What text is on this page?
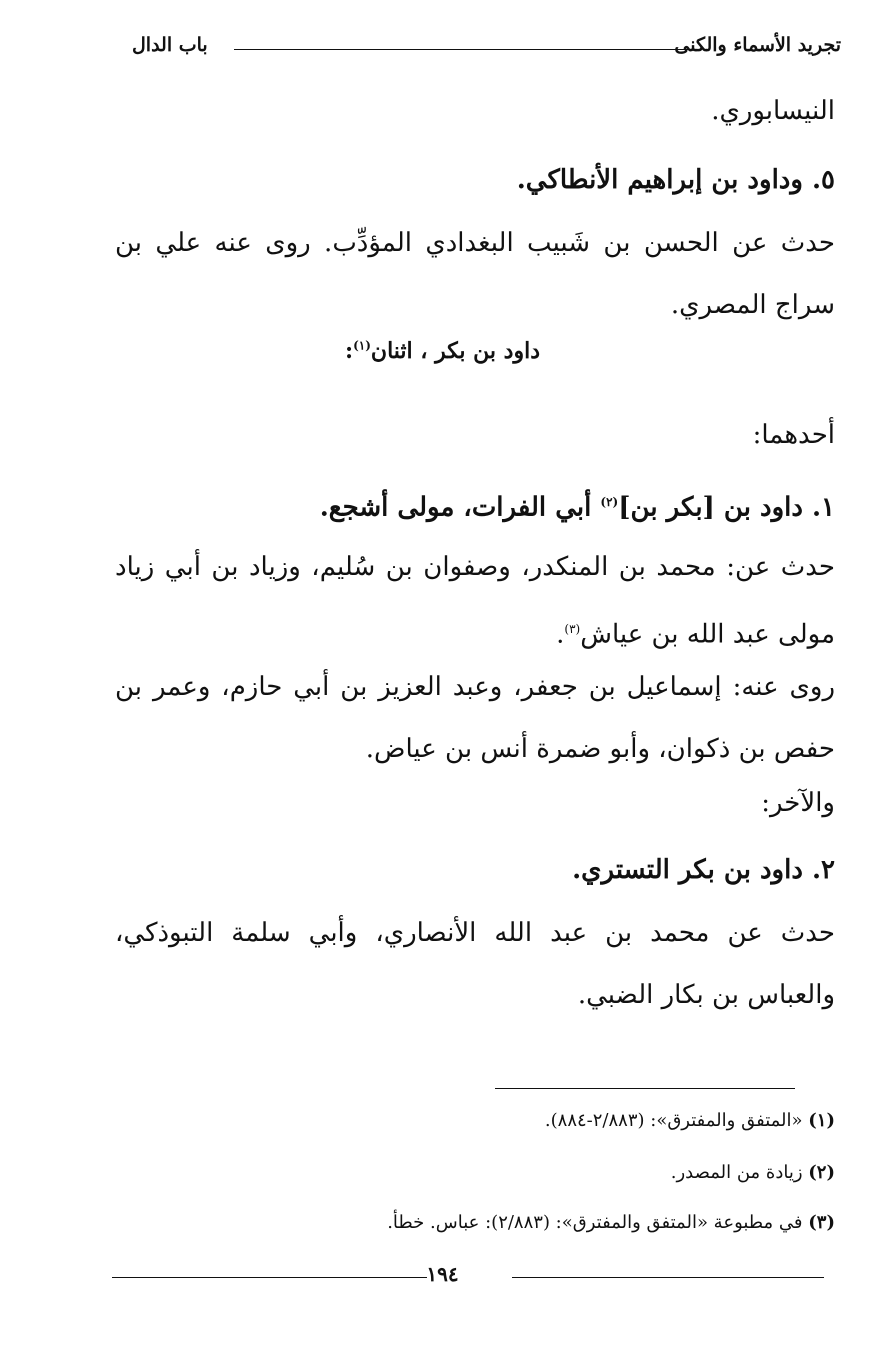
تجريد الأسماء والكنى
باب الدال
النيسابوري.
٥. وداود بن إبراهيم الأنطاكي.
حدث عن الحسن بن شَبيب البغدادي المؤدِّب. روى عنه علي بن سراج المصري.
داود بن بكر ، اثنان$^{(١)}$:
أحدهما:
١. داود بن [بكر بن]$^{(٢)}$ أبي الفرات، مولى أشجع.
حدث عن: محمد بن المنكدر، وصفوان بن سُليم، وزياد بن أبي زياد مولى عبد الله بن عياش$^{(٣)}$.
روى عنه: إسماعيل بن جعفر، وعبد العزيز بن أبي حازم، وعمر بن حفص بن ذكوان، وأبو ضمرة أنس بن عياض.
والآخر:
٢. داود بن بكر التستري.
حدث عن محمد بن عبد الله الأنصاري، وأبي سلمة التبوذكي، والعباس بن بكار الضبي.
(١) «المتفق والمفترق»: (٢/٨٨٣-٨٨٤).
(٢) زيادة من المصدر.
(٣) في مطبوعة «المتفق والمفترق»: (٢/٨٨٣): عباس. خطأ.
١٩٤
